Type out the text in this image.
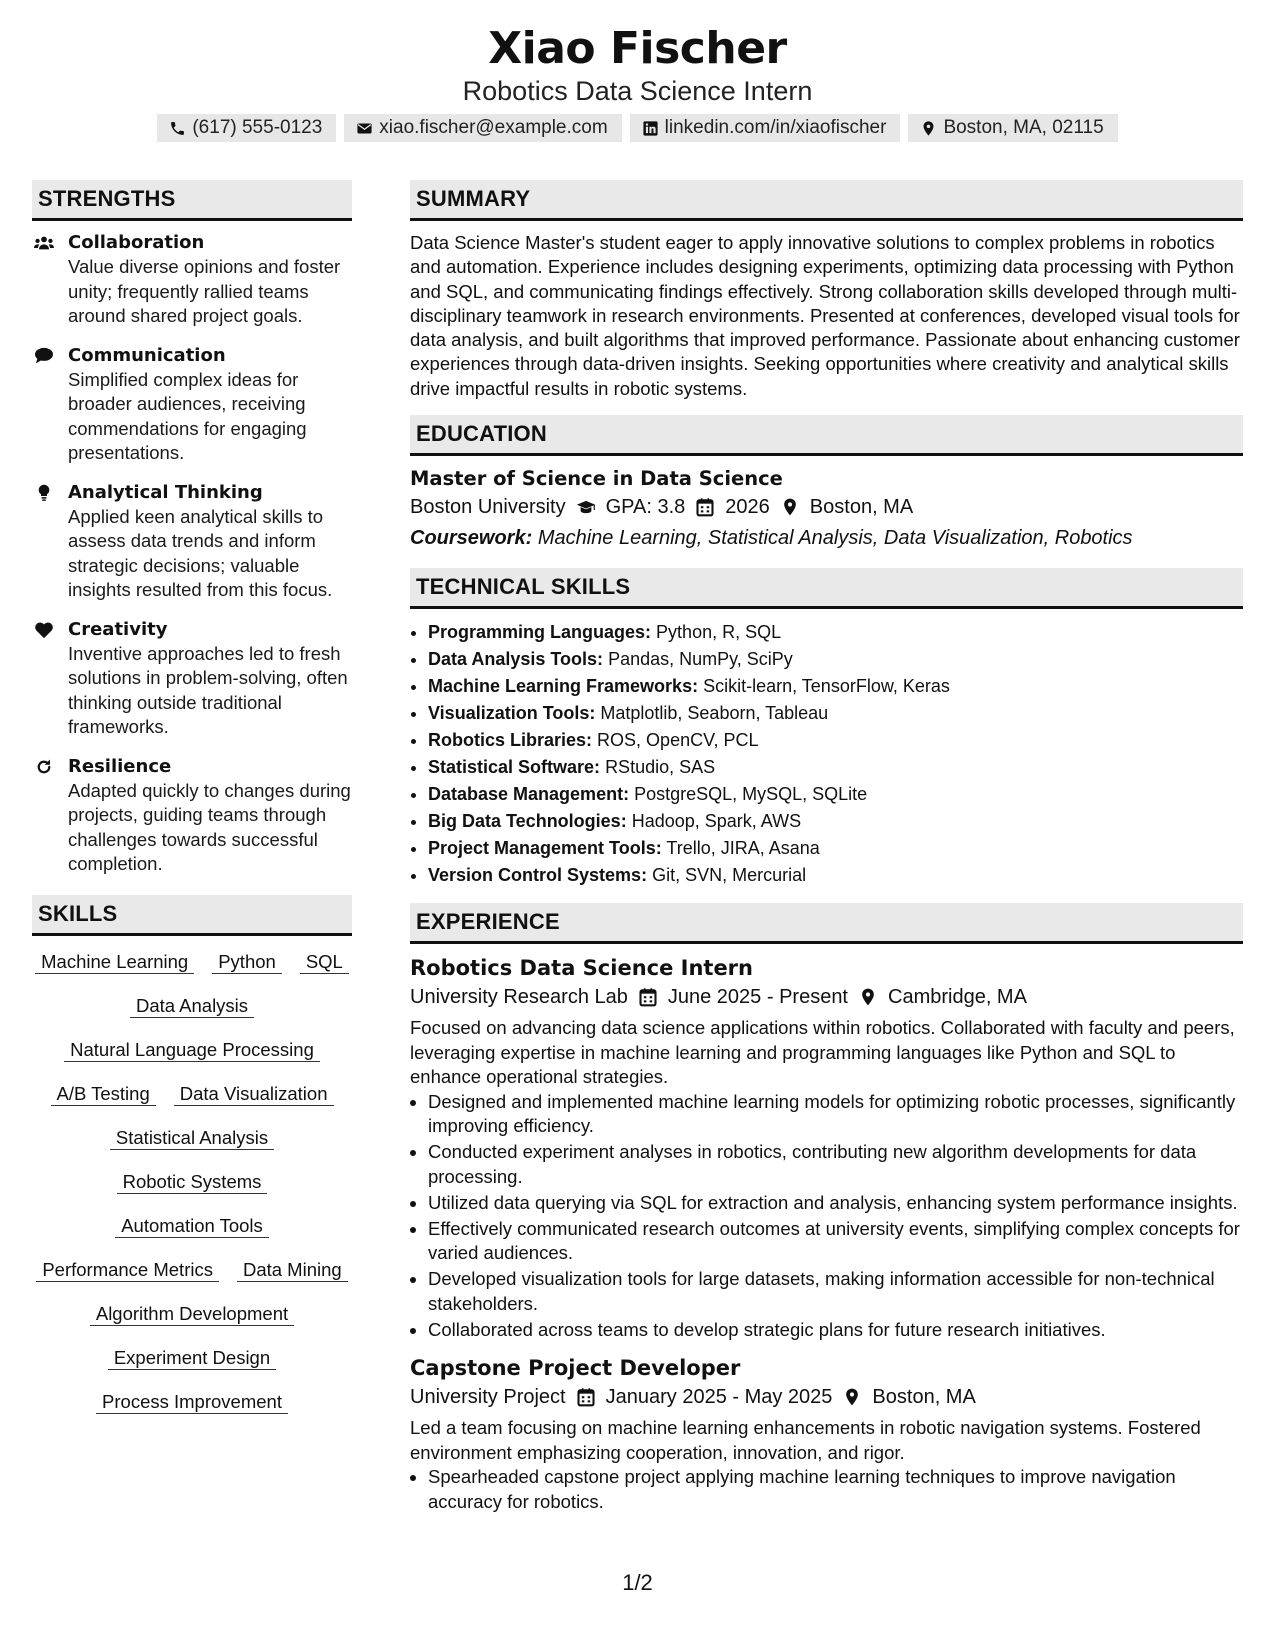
Xiao Fischer
Robotics Data Science Intern
(617) 555-0123	xiao.fischer@example.com	linkedin.com/in/xiaofischer	Boston, MA, 02115
STRENGTHS
Collaboration
Value diverse opinions and foster unity; frequently rallied teams around shared project goals.
Communication
Simplified complex ideas for broader audiences, receiving commendations for engaging presentations.
Analytical Thinking
Applied keen analytical skills to assess data trends and inform strategic decisions; valuable insights resulted from this focus.
Creativity
Inventive approaches led to fresh solutions in problem-solving, often thinking outside traditional frameworks.
Resilience
Adapted quickly to changes during projects, guiding teams through challenges towards successful completion.
SKILLS
Machine Learning	Python	SQL
Data Analysis
Natural Language Processing
A/B Testing	Data Visualization
Statistical Analysis
Robotic Systems
Automation Tools
Performance Metrics	Data Mining
Algorithm Development
Experiment Design
Process Improvement
SUMMARY
Data Science Master's student eager to apply innovative solutions to complex problems in robotics and automation. Experience includes designing experiments, optimizing data processing with Python and SQL, and communicating findings effectively. Strong collaboration skills developed through multi-disciplinary teamwork in research environments. Presented at conferences, developed visual tools for data analysis, and built algorithms that improved performance. Passionate about enhancing customer experiences through data-driven insights. Seeking opportunities where creativity and analytical skills drive impactful results in robotic systems.
EDUCATION
Master of Science in Data Science
Boston University GPA: 3.8 2026 Boston, MA
Coursework: Machine Learning, Statistical Analysis, Data Visualization, Robotics
TECHNICAL SKILLS
• Programming Languages: Python, R, SQL
• Data Analysis Tools: Pandas, NumPy, SciPy
• Machine Learning Frameworks: Scikit-learn, TensorFlow, Keras
• Visualization Tools: Matplotlib, Seaborn, Tableau
• Robotics Libraries: ROS, OpenCV, PCL
• Statistical Software: RStudio, SAS
• Database Management: PostgreSQL, MySQL, SQLite
• Big Data Technologies: Hadoop, Spark, AWS
• Project Management Tools: Trello, JIRA, Asana
• Version Control Systems: Git, SVN, Mercurial
EXPERIENCE
Robotics Data Science Intern
University Research Lab June 2025 - Present Cambridge, MA
Focused on advancing data science applications within robotics. Collaborated with faculty and peers, leveraging expertise in machine learning and programming languages like Python and SQL to enhance operational strategies.
• Designed and implemented machine learning models for optimizing robotic processes, significantly improving efficiency.
• Conducted experiment analyses in robotics, contributing new algorithm developments for data processing.
• Utilized data querying via SQL for extraction and analysis, enhancing system performance insights.
• Effectively communicated research outcomes at university events, simplifying complex concepts for varied audiences.
• Developed visualization tools for large datasets, making information accessible for non-technical stakeholders.
• Collaborated across teams to develop strategic plans for future research initiatives.
Capstone Project Developer
University Project January 2025 - May 2025 Boston, MA
Led a team focusing on machine learning enhancements in robotic navigation systems. Fostered environment emphasizing cooperation, innovation, and rigor.
• Spearheaded capstone project applying machine learning techniques to improve navigation accuracy for robotics.
1/2
